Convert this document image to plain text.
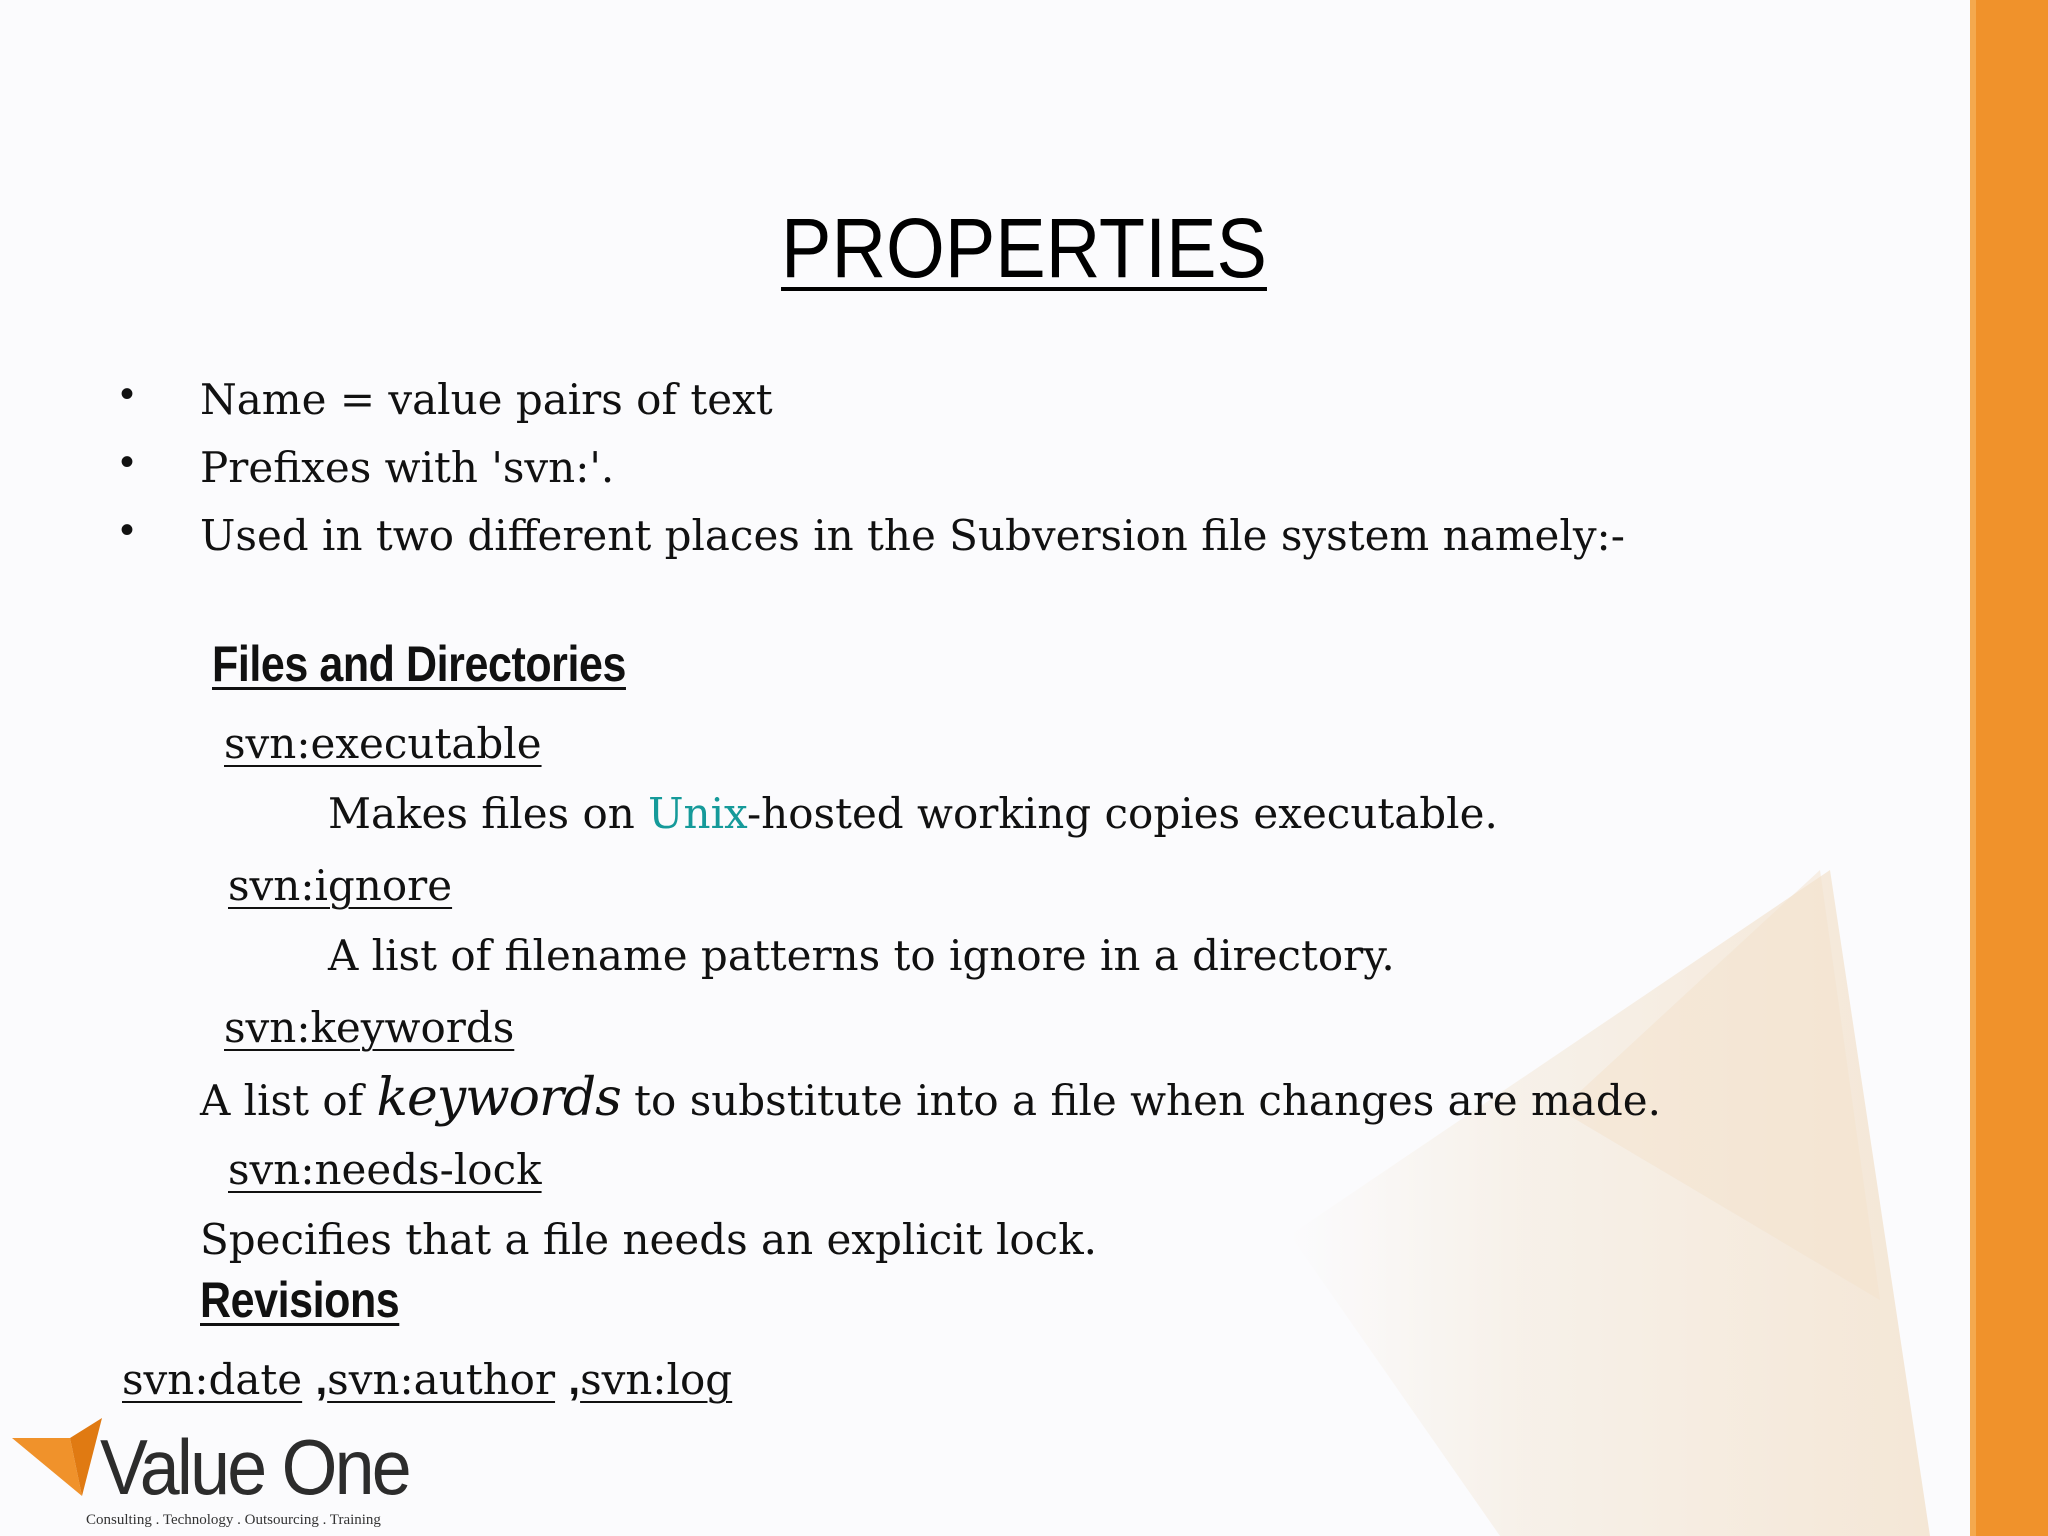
PROPERTIES
• Name = value pairs of text
• Prefixes with 'svn:'.
• Used in two different places in the Subversion file system namely:-
Files and Directories
svn:executable
Makes files on Unix-hosted working copies executable.
svn:ignore
A list of filename patterns to ignore in a directory.
svn:keywords
A list of keywords to substitute into a file when changes are made.
svn:needs-lock
Specifies that a file needs an explicit lock.
Revisions
svn:date ,svn:author ,svn:log
Value One
Consulting . Technology . Outsourcing . Training
